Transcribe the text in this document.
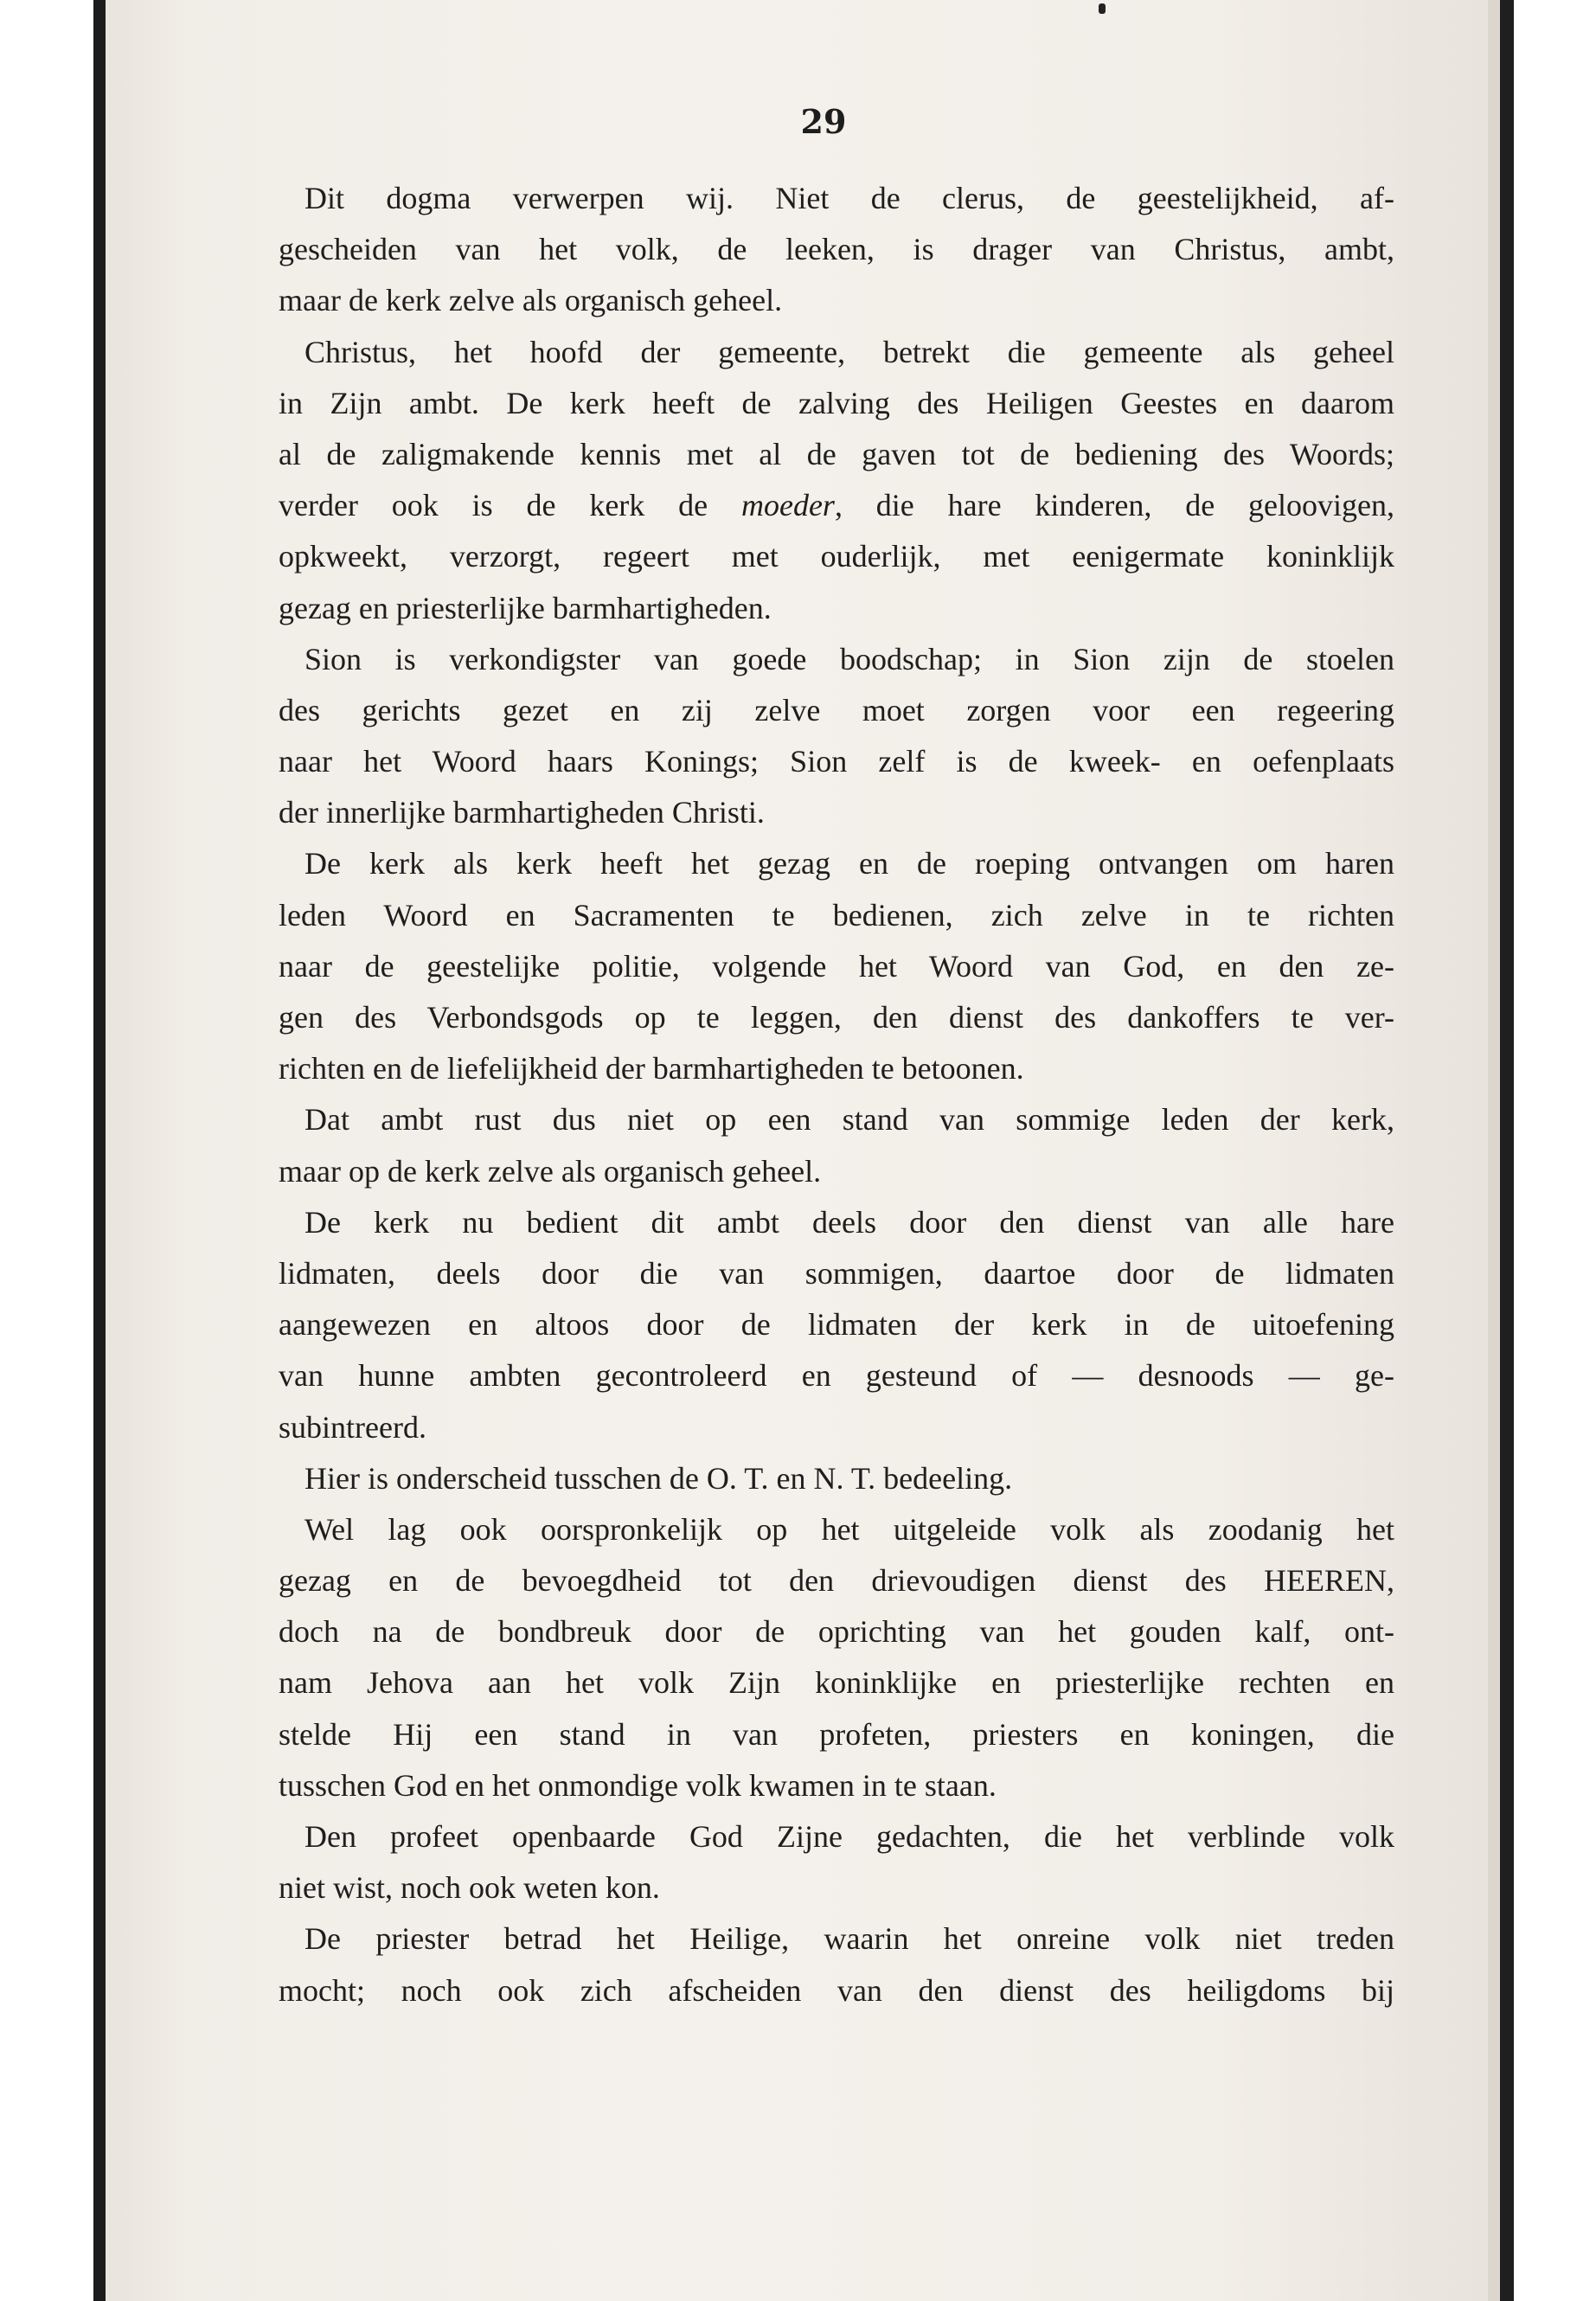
29
Dit dogma verwerpen wij. Niet de clerus, de geestelijkheid, af-
gescheiden van het volk, de leeken, is drager van Christus, ambt,
maar de kerk zelve als organisch geheel.
Christus, het hoofd der gemeente, betrekt die gemeente als geheel
in Zijn ambt. De kerk heeft de zalving des Heiligen Geestes en daarom
al de zaligmakende kennis met al de gaven tot de bediening des Woords;
verder ook is de kerk de moeder, die hare kinderen, de geloovigen,
opkweekt, verzorgt, regeert met ouderlijk, met eenigermate koninklijk
gezag en priesterlijke barmhartigheden.
Sion is verkondigster van goede boodschap; in Sion zijn de stoelen
des gerichts gezet en zij zelve moet zorgen voor een regeering
naar het Woord haars Konings; Sion zelf is de kweek- en oefenplaats
der innerlijke barmhartigheden Christi.
De kerk als kerk heeft het gezag en de roeping ontvangen om haren
leden Woord en Sacramenten te bedienen, zich zelve in te richten
naar de geestelijke politie, volgende het Woord van God, en den ze-
gen des Verbondsgods op te leggen, den dienst des dankoffers te ver-
richten en de liefelijkheid der barmhartigheden te betoonen.
Dat ambt rust dus niet op een stand van sommige leden der kerk,
maar op de kerk zelve als organisch geheel.
De kerk nu bedient dit ambt deels door den dienst van alle hare
lidmaten, deels door die van sommigen, daartoe door de lidmaten
aangewezen en altoos door de lidmaten der kerk in de uitoefening
van hunne ambten gecontroleerd en gesteund of — desnoods — ge-
subintreerd.
Hier is onderscheid tusschen de O. T. en N. T. bedeeling.
Wel lag ook oorspronkelijk op het uitgeleide volk als zoodanig het
gezag en de bevoegdheid tot den drievoudigen dienst des HEEREN,
doch na de bondbreuk door de oprichting van het gouden kalf, ont-
nam Jehova aan het volk Zijn koninklijke en priesterlijke rechten en
stelde Hij een stand in van profeten, priesters en koningen, die
tusschen God en het onmondige volk kwamen in te staan.
Den profeet openbaarde God Zijne gedachten, die het verblinde volk
niet wist, noch ook weten kon.
De priester betrad het Heilige, waarin het onreine volk niet treden
mocht; noch ook zich afscheiden van den dienst des heiligdoms bij
